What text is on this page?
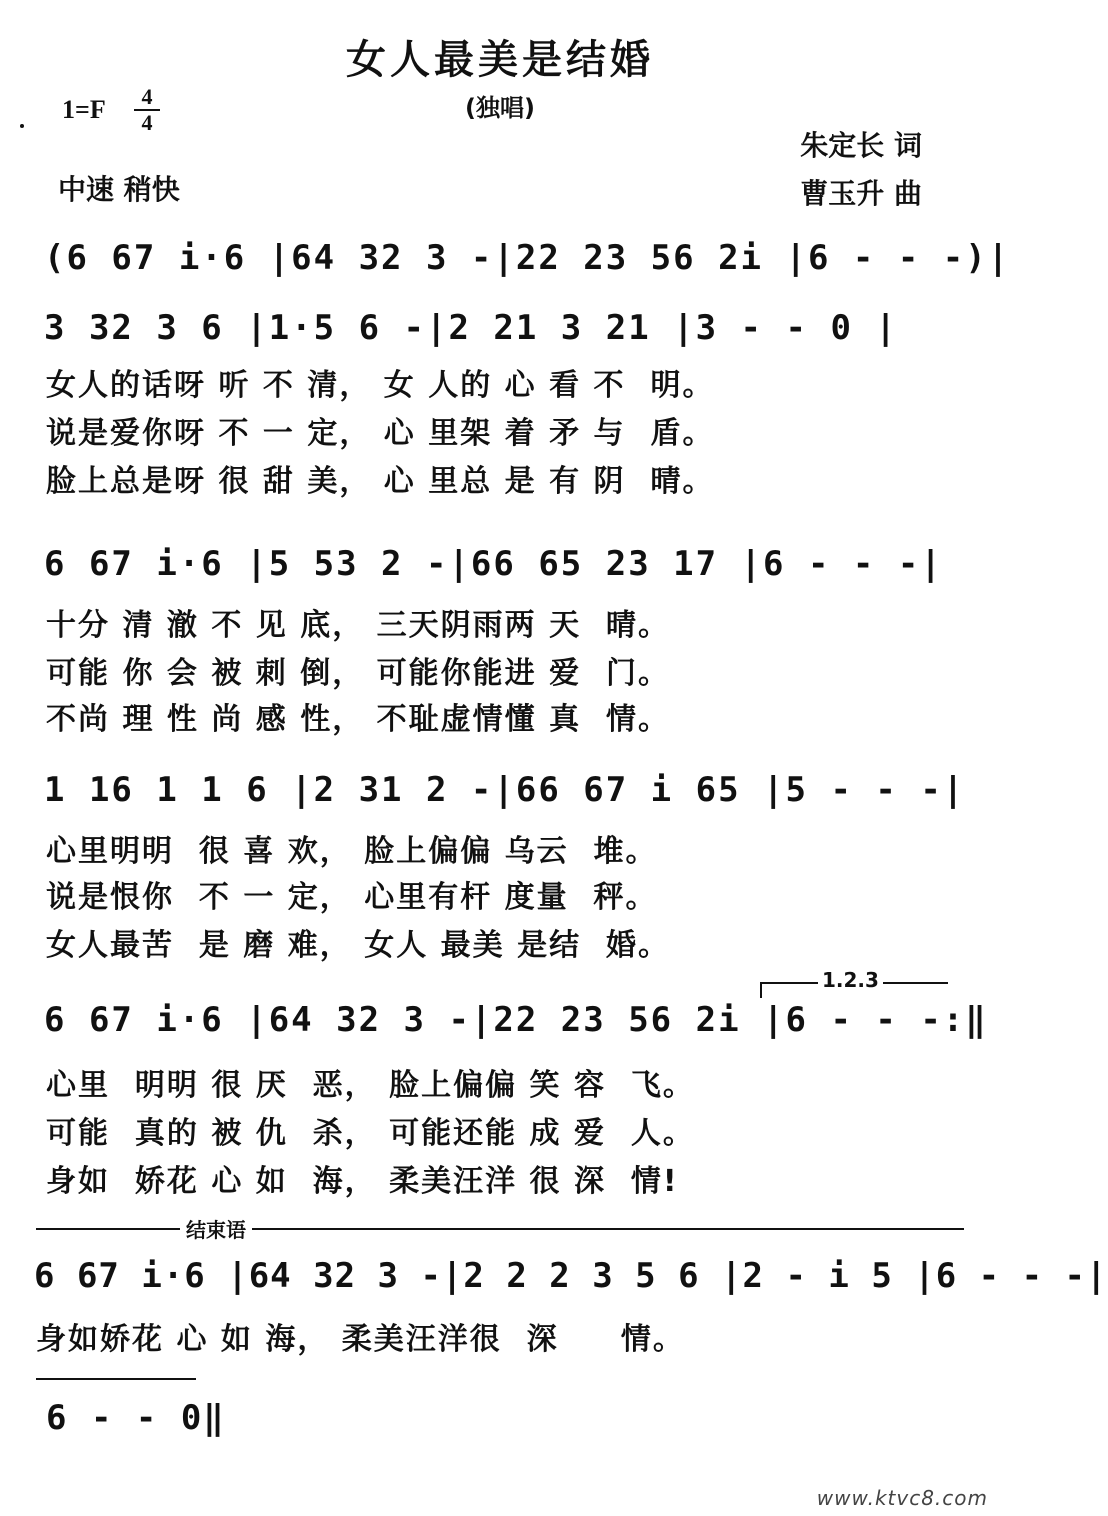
女人最美是结婚
(独唱)
1=F	4
4
中速 稍快
朱定长 词
曹玉升 曲
(6 67 i·6 |64 32 3 -|22 23 56 2i |6 - - -)|
3 32 3 6 |1·5 6 -|2 21 3 21 |3 - - 0 |
女人的话呀 听 不 清， 女 人的 心 看 不  明。
说是爱你呀 不 一 定， 心 里架 着 矛 与  盾。
脸上总是呀 很 甜 美， 心 里总 是 有 阴  晴。
6 67 i·6 |5 53 2 -|66 65 23 17 |6 - - -|
十分 清 澈 不 见 底， 三天阴雨两 天  晴。
可能 你 会 被 刺 倒， 可能你能进 爱  门。
不尚 理 性 尚 感 性， 不耻虚情懂 真  情。
1 16 1 1 6 |2 31 2 -|66 67 i 65 |5 - - -|
心里明明  很 喜 欢， 脸上偏偏 乌云  堆。
说是恨你  不 一 定， 心里有杆 度量  秤。
女人最苦  是 磨 难， 女人 最美 是结  婚。
1.2.3
6 67 i·6 |64 32 3 -|22 23 56 2i |6 - - -:‖
心里  明明 很 厌  恶， 脸上偏偏 笑 容  飞。
可能  真的 被 仇  杀， 可能还能 成 爱  人。
身如  娇花 心 如  海， 柔美汪洋 很 深  情!
结束语
6 67 i·6 |64 32 3 -|2 2 2 3 5 6 |2 - i 5 |6 - - -|
身如娇花 心 如 海， 柔美汪洋很  深     情。
6 - - 0‖
www.ktvc8.com
